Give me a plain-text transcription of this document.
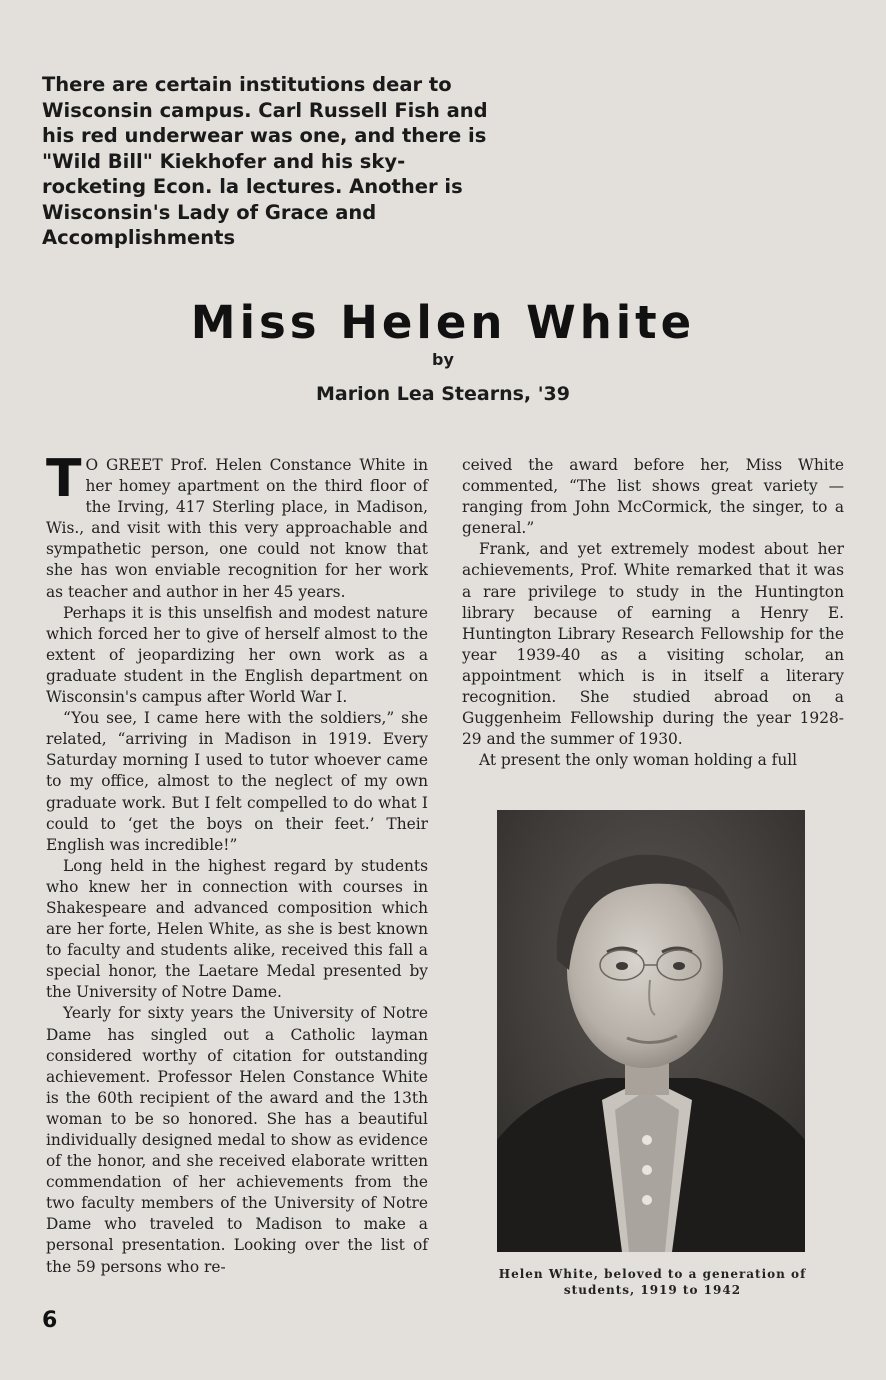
There are certain institutions dear to Wisconsin campus. Carl Russell Fish and his red underwear was one, and there is "Wild Bill" Kiekhofer and his sky-rocketing Econ. la lectures. Another is Wisconsin's Lady of Grace and Accomplishments

Miss Helen White

by

Marion Lea Stearns, '39

T O GREET Prof. Helen Constance White in her homey apartment on the third floor of the Irving, 417 Sterling place, in Madison, Wis., and visit with this very approachable and sympathetic person, one could not know that she has won enviable recognition for her work as teacher and author in her 45 years.

Perhaps it is this unselfish and modest nature which forced her to give of herself almost to the extent of jeopardizing her own work as a graduate student in the English department on Wisconsin's campus after World War I.

“You see, I came here with the soldiers,” she related, “arriving in Madison in 1919. Every Saturday morning I used to tutor whoever came to my office, almost to the neglect of my own graduate work. But I felt compelled to do what I could to ‘get the boys on their feet.’ Their English was incredible!”

Long held in the highest regard by students who knew her in connection with courses in Shakespeare and advanced composition which are her forte, Helen White, as she is best known to faculty and students alike, received this fall a special honor, the Laetare Medal presented by the University of Notre Dame.

Yearly for sixty years the University of Notre Dame has singled out a Catholic layman considered worthy of citation for outstanding achievement. Professor Helen Constance White is the 60th recipient of the award and the 13th woman to be so honored. She has a beautiful individually designed medal to show as evidence of the honor, and she received elaborate written commendation of her achievements from the two faculty members of the University of Notre Dame who traveled to Madison to make a personal presentation. Looking over the list of the 59 persons who re-

ceived the award before her, Miss White commented, “The list shows great variety — ranging from John McCormick, the singer, to a general.”

Frank, and yet extremely modest about her achievements, Prof. White remarked that it was a rare privilege to study in the Huntington library because of earning a Henry E. Huntington Library Research Fellowship for the year 1939-40 as a visiting scholar, an appointment which is in itself a literary recognition. She studied abroad on a Guggenheim Fellowship during the year 1928-29 and the summer of 1930.

At present the only woman holding a full

Helen White, beloved to a generation of students, 1919 to 1942

6
